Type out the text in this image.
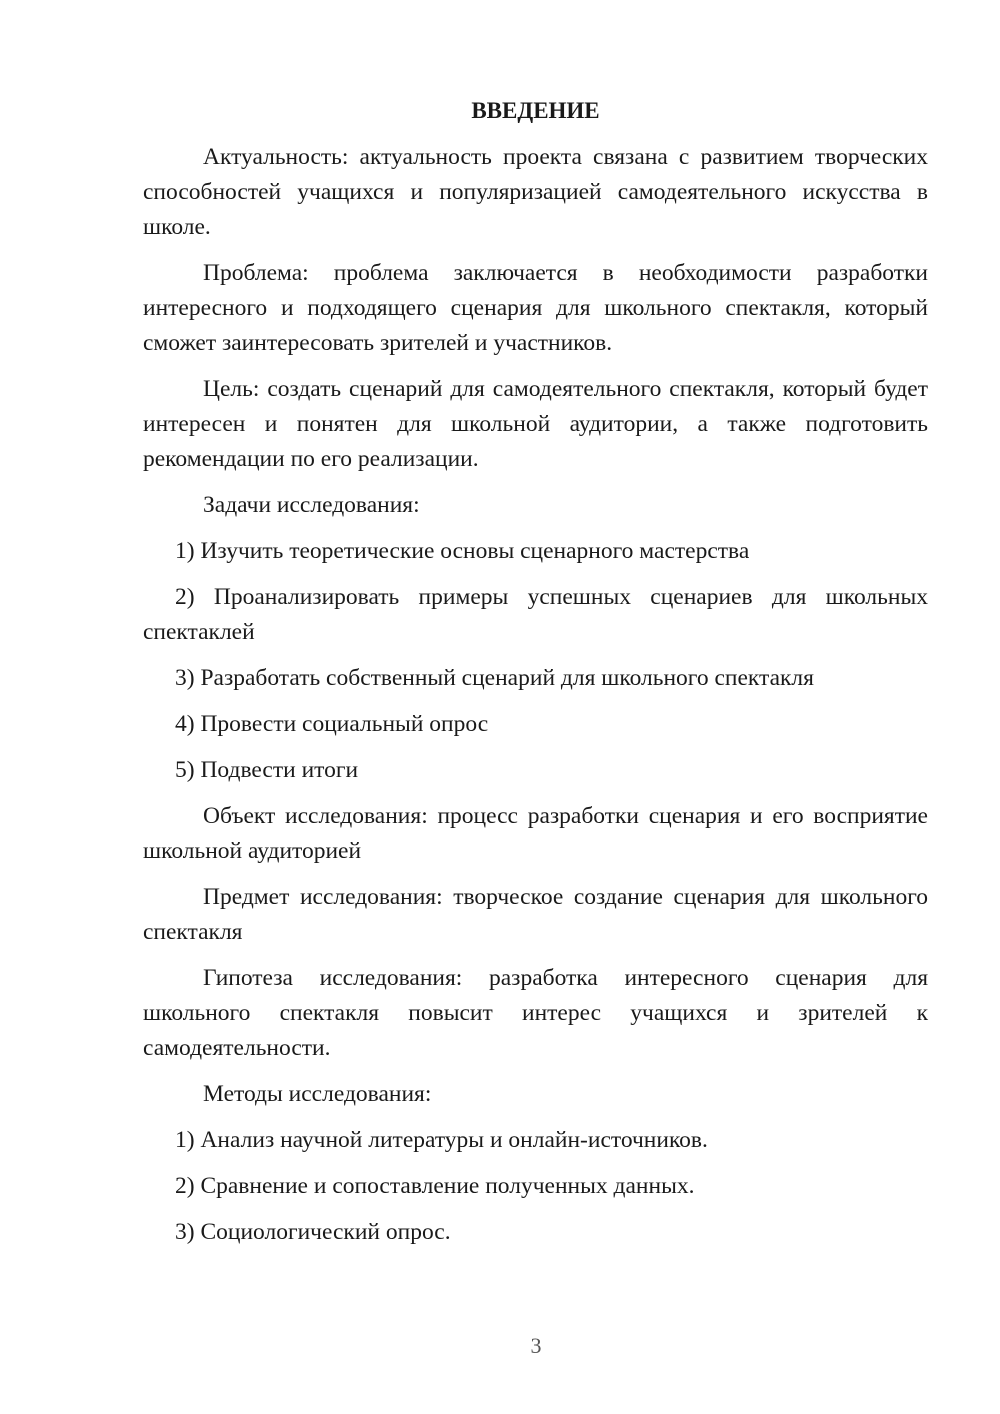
ВВЕДЕНИЕ

Актуальность: актуальность проекта связана с развитием творческих способностей учащихся и популяризацией самодеятельного искусства в школе.

Проблема: проблема заключается в необходимости разработки интересного и подходящего сценария для школьного спектакля, который сможет заинтересовать зрителей и участников.

Цель: создать сценарий для самодеятельного спектакля, который будет интересен и понятен для школьной аудитории, а также подготовить рекомендации по его реализации.

Задачи исследования:

1) Изучить теоретические основы сценарного мастерства

2) Проанализировать примеры успешных сценариев для школьных спектаклей

3) Разработать собственный сценарий для школьного спектакля

4) Провести социальный опрос

5) Подвести итоги

Объект исследования: процесс разработки сценария и его восприятие школьной аудиторией

Предмет исследования: творческое создание сценария для школьного спектакля

Гипотеза исследования: разработка интересного сценария для школьного спектакля повысит интерес учащихся и зрителей к самодеятельности.

Методы исследования:

1) Анализ научной литературы и онлайн-источников.

2) Сравнение и сопоставление полученных данных.

3) Социологический опрос.

3
